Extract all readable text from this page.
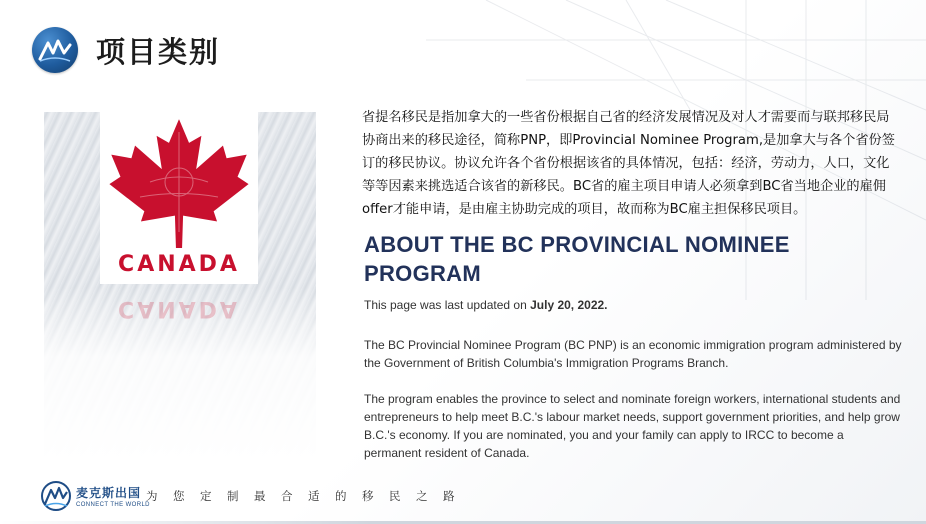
项目类别
CANADA
CANADA

省提名移民是指加拿大的一些省份根据自己省的经济发展情况及对人才需要而与联邦移民局协商出来的移民途径，简称PNP，即Provincial Nominee Program,是加拿大与各个省份签订的移民协议。协议允许各个省份根据该省的具体情况，包括：经济，劳动力，人口，文化等等因素来挑选适合该省的新移民。BC省的雇主项目申请人必须拿到BC省当地企业的雇佣offer才能申请，是由雇主协助完成的项目，故而称为BC雇主担保移民项目。

ABOUT THE BC PROVINCIAL NOMINEE PROGRAM
This page was last updated on July 20, 2022.

The BC Provincial Nominee Program (BC PNP) is an economic immigration program administered by the Government of British Columbia's Immigration Programs Branch.

The program enables the province to select and nominate foreign workers, international students and entrepreneurs to help meet B.C.'s labour market needs, support government priorities, and help grow B.C.'s economy. If you are nominated, you and your family can apply to IRCC to become a permanent resident of Canada.

麦克斯出国
CONNECT THE WORLD
为您定制最合适的移民之路
